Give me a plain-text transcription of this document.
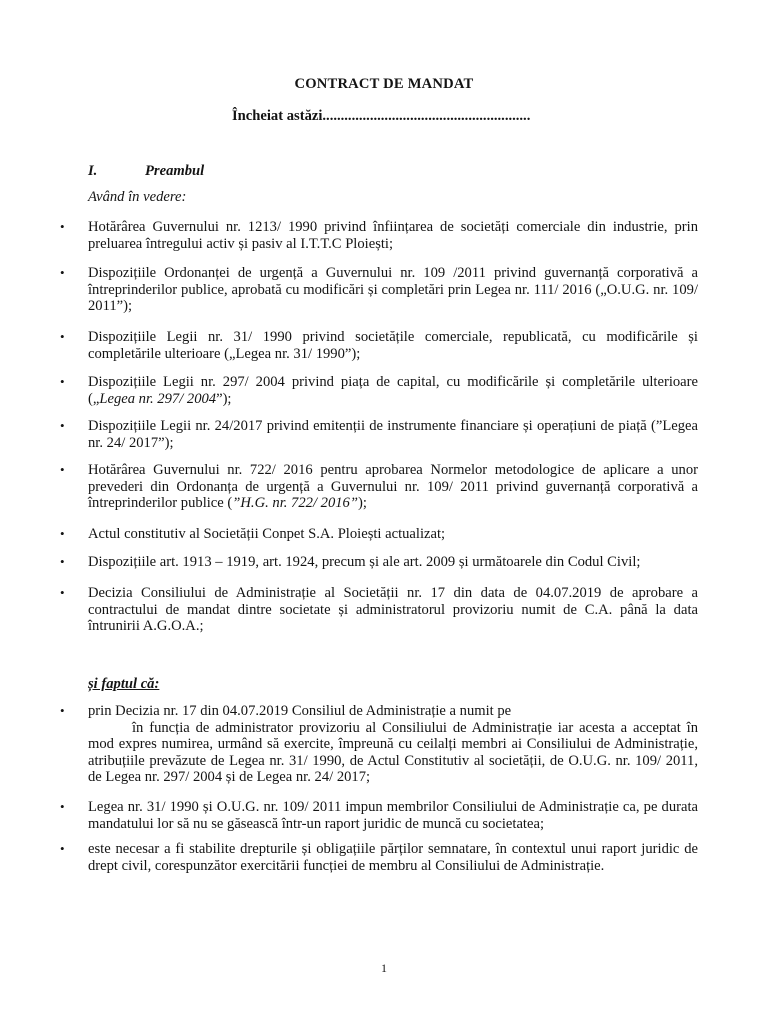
CONTRACT DE MANDAT
Încheiat astăzi.........................................................
I.	Preambul
Având în vedere:
•	Hotărârea Guvernului nr. 1213/ 1990 privind înființarea de societăți comerciale din industrie, prin preluarea întregului activ și pasiv al I.T.T.C Ploiești;
•	Dispozițiile Ordonanței de urgență a Guvernului nr. 109 /2011 privind guvernanță corporativă a întreprinderilor publice, aprobată cu modificări și completări prin Legea nr. 111/ 2016 („O.U.G. nr. 109/ 2011”);
•	Dispozițiile Legii nr. 31/ 1990 privind societățile comerciale, republicată, cu modificările și completările ulterioare („Legea nr. 31/ 1990”);
•	Dispozițiile Legii nr. 297/ 2004 privind piața de capital, cu modificările și completările ulterioare („Legea nr. 297/ 2004”);
•	Dispozițiile Legii nr. 24/2017 privind emitenții de instrumente financiare și operațiuni de piață (”Legea nr. 24/ 2017”);
•	Hotărârea Guvernului nr. 722/ 2016 pentru aprobarea Normelor metodologice de aplicare a unor prevederi din Ordonanța de urgență a Guvernului nr. 109/ 2011 privind guvernanță corporativă a întreprinderilor publice (”H.G. nr. 722/ 2016”);
•	Actul constitutiv al Societății Conpet S.A. Ploiești actualizat;
•	Dispozițiile art. 1913 – 1919, art. 1924, precum și ale art. 2009 și următoarele din Codul Civil;
•	Decizia Consiliului de Administrație al Societății nr. 17 din data de 04.07.2019 de aprobare a contractului de mandat dintre societate și administratorul provizoriu numit de C.A. până la data întrunirii A.G.O.A.;
și faptul că:
•	prin Decizia nr. 17 din 04.07.2019 Consiliul de Administrație a numit pe
în funcția de administrator provizoriu al Consiliului de Administrație iar acesta a acceptat în mod expres numirea, urmând să exercite, împreună cu ceilalți membri ai Consiliului de Administrație, atribuțiile prevăzute de Legea nr. 31/ 1990, de Actul Constitutiv al societății, de O.U.G. nr. 109/ 2011, de Legea nr. 297/ 2004 și de Legea nr. 24/ 2017;
•	Legea nr. 31/ 1990 și O.U.G. nr. 109/ 2011 impun membrilor Consiliului de Administrație ca, pe durata mandatului lor să nu se găsească într-un raport juridic de muncă cu societatea;
•	este necesar a fi stabilite drepturile și obligațiile părților semnatare, în contextul unui raport juridic de drept civil, corespunzător exercitării funcției de membru al Consiliului de Administrație.
1
